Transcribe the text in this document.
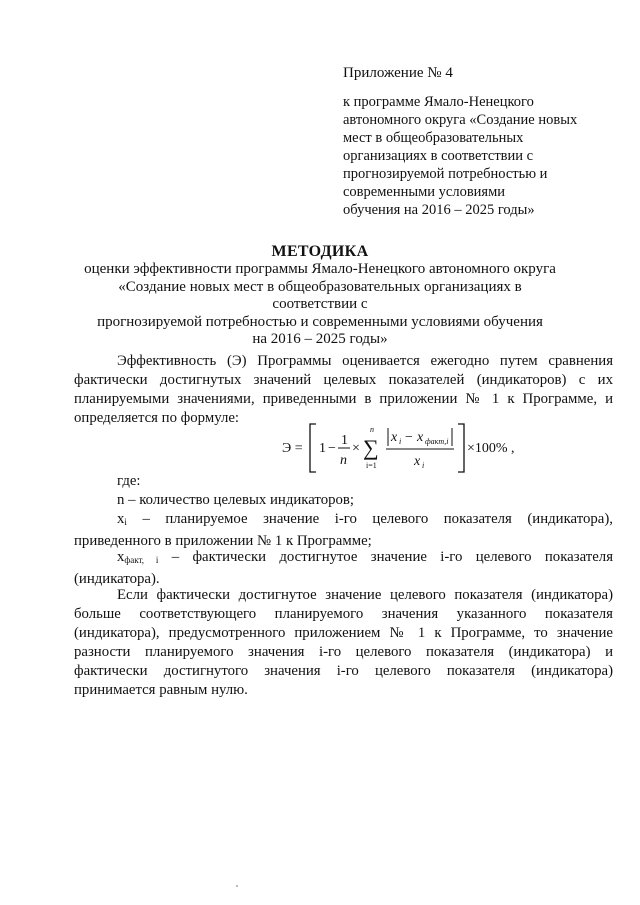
Приложение № 4
к программе Ямало-Ненецкого
автономного округа «Создание новых
мест в общеобразовательных
организациях в соответствии с
прогнозируемой потребностью и
современными условиями
обучения на 2016 – 2025 годы»
МЕТОДИКА
оценки эффективности программы Ямало-Ненецкого автономного округа
«Создание новых мест в общеобразовательных организациях в соответствии с
прогнозируемой потребностью и современными условиями обучения
на 2016 – 2025 годы»
Эффективность (Э) Программы оценивается ежегодно путем сравнения фактически достигнутых значений целевых показателей (индикаторов) с их планируемыми значениями, приведенными в приложении № 1 к Программе, и определяется по формуле:
Э = 1 −
1
n
×
n
∑
i=1
x i − x факт,i
x i
×100% ,
где:
n – количество целевых индикаторов;
$x_i$ – планируемое значение i-го целевого показателя (индикатора), приведенного в приложении № 1 к Программе;
$x_{факт, i}$ – фактически достигнутое значение i-го целевого показателя (индикатора).
Если фактически достигнутое значение целевого показателя (индикатора) больше соответствующего планируемого значения указанного показателя (индикатора), предусмотренного приложением № 1 к Программе, то значение разности планируемого значения i-го целевого показателя (индикатора) и фактически достигнутого значения i-го целевого показателя (индикатора) принимается равным нулю.
